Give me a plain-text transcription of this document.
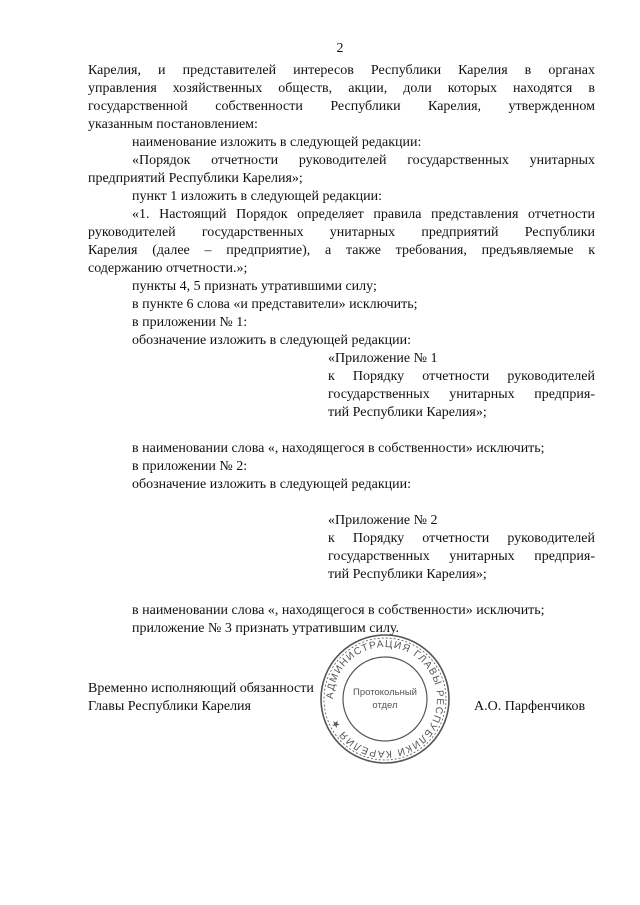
2
Карелия, и представителей интересов Республики Карелия в органах
управления хозяйственных обществ, акции, доли которых находятся в
государственной собственности Республики Карелия, утвержденном
указанным постановлением:
наименование изложить в следующей редакции:
«Порядок отчетности руководителей государственных унитарных
предприятий Республики Карелия»;
пункт 1 изложить в следующей редакции:
«1. Настоящий Порядок определяет правила представления отчетности
руководителей государственных унитарных предприятий Республики
Карелия (далее – предприятие), а также требования, предъявляемые к
содержанию отчетности.»;
пункты 4, 5 признать утратившими силу;
в пункте 6 слова «и представители» исключить;
в приложении № 1:
обозначение изложить в следующей редакции:
«Приложение № 1
к Порядку отчетности руководителей
государственных унитарных предприя-
тий Республики Карелия»;
в наименовании слова «, находящегося в собственности» исключить;
в приложении № 2:
обозначение изложить в следующей редакции:
«Приложение № 2
к Порядку отчетности руководителей
государственных унитарных предприя-
тий Республики Карелия»;
в наименовании слова «, находящегося в собственности» исключить;
приложение № 3 признать утратившим силу.
Временно исполняющий обязанности
Главы Республики Карелия	А.О. Парфенчиков
АДМИНИСТРАЦИЯ ГЛАВЫ РЕСПУБЛИКИ КАРЕЛИЯ ★
Протокольный
отдел
